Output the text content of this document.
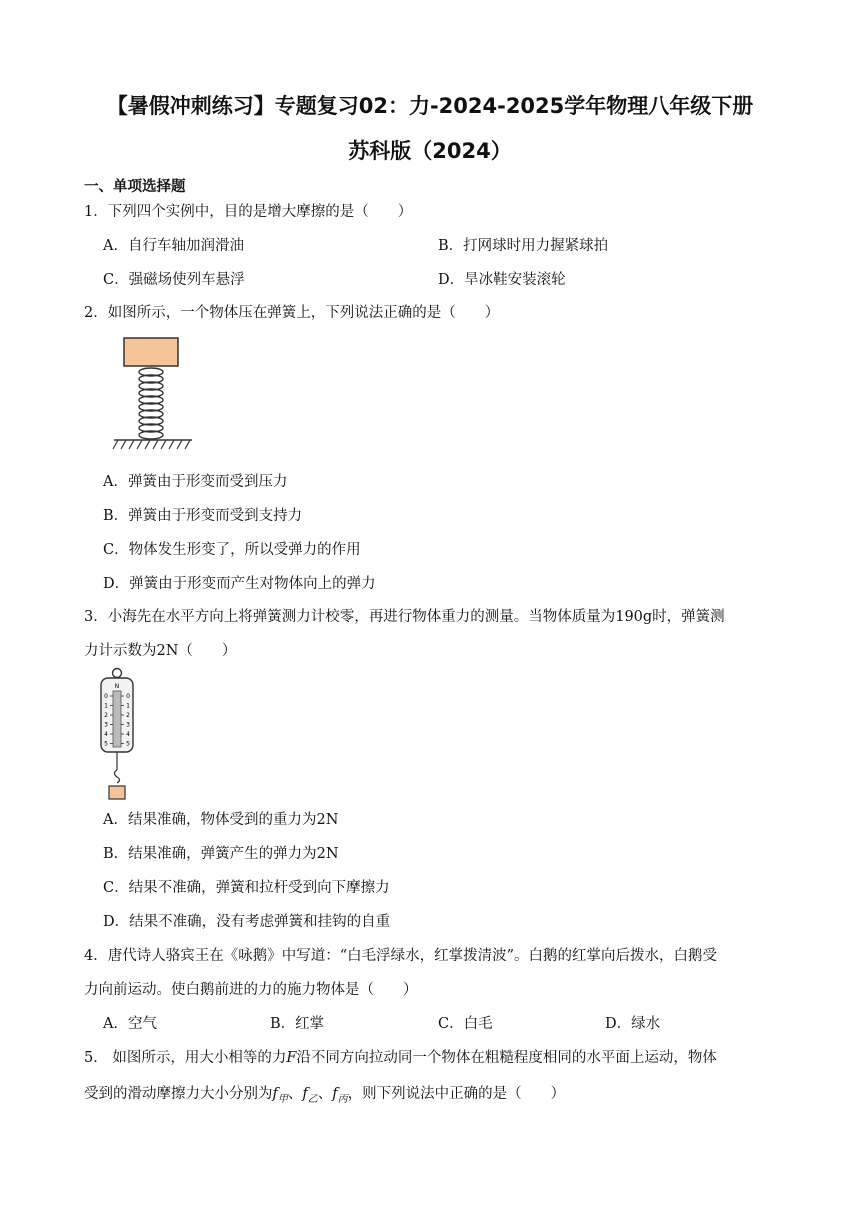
【暑假冲刺练习】专题复习02：力-2024-2025学年物理八年级下册
苏科版（2024）
一、单项选择题
1．下列四个实例中，目的是增大摩擦的是（　　）
A．自行车轴加润滑油	B．打网球时用力握紧球拍
C．强磁场使列车悬浮	D．旱冰鞋安装滚轮
2．如图所示，一个物体压在弹簧上，下列说法正确的是（　　）
A．弹簧由于形变而受到压力
B．弹簧由于形变而受到支持力
C．物体发生形变了，所以受弹力的作用
D．弹簧由于形变而产生对物体向上的弹力
3．小海先在水平方向上将弹簧测力计校零，再进行物体重力的测量。当物体质量为190g时，弹簧测
力计示数为2N（　　）
N
0	0
1	1
2	2
3	3
4	4
5	5
A．结果准确，物体受到的重力为2N
B．结果准确，弹簧产生的弹力为2N
C．结果不准确，弹簧和拉杆受到向下摩擦力
D．结果不准确，没有考虑弹簧和挂钩的自重
4．唐代诗人骆宾王在《咏鹅》中写道：“白毛浮绿水，红掌拨清波”。白鹅的红掌向后拨水，白鹅受
力向前运动。使白鹅前进的力的施力物体是（　　）
A．空气	B．红掌	C．白毛	D．绿水
5． 如图所示，用大小相等的力F沿不同方向拉动同一个物体在粗糙程度相同的水平面上运动，物体
受到的滑动摩擦力大小分别为$f_甲$、$f_乙$、$f_丙$，则下列说法中正确的是（　　）
